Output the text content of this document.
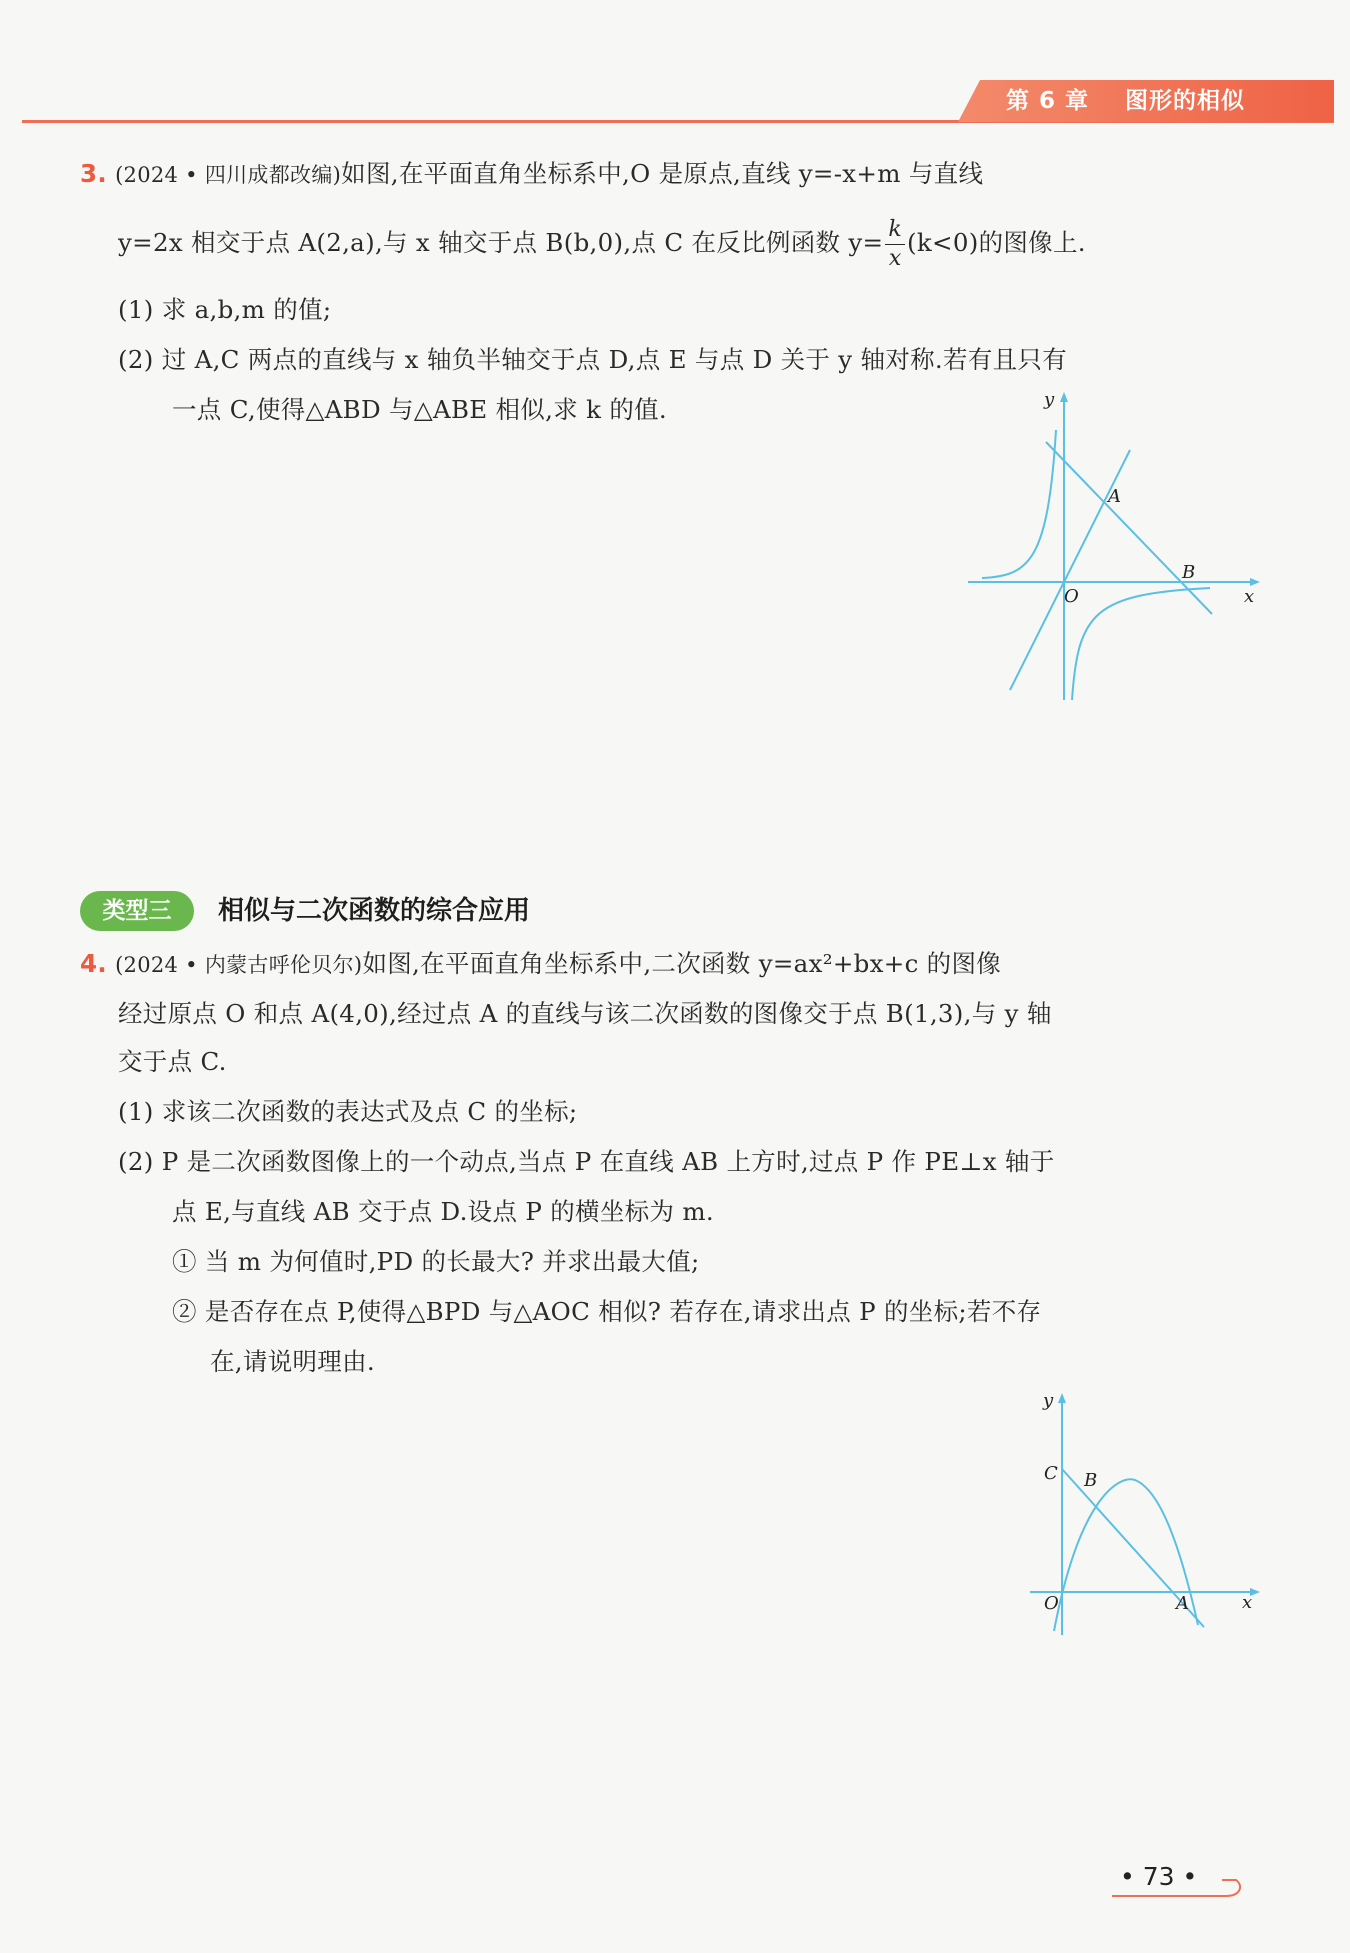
第 6 章    图形的相似
3. (2024 • 四川成都改编)如图,在平面直角坐标系中,O 是原点,直线 y=-x+m 与直线
y=2x 相交于点 A(2,a),与 x 轴交于点 B(b,0),点 C 在反比例函数 $y= \frac{k}{x} (k<0)$的图像上.
(1) 求 a,b,m 的值;
(2) 过 A,C 两点的直线与 x 轴负半轴交于点 D,点 E 与点 D 关于 y 轴对称.若有且只有
一点 C,使得△ABD 与△ABE 相似,求 k 的值.	y
x
A
B
O
类型三	相似与二次函数的综合应用
4. (2024 • 内蒙古呼伦贝尔)如图,在平面直角坐标系中,二次函数 y=ax²+bx+c 的图像
经过原点 O 和点 A(4,0),经过点 A 的直线与该二次函数的图像交于点 B(1,3),与 y 轴
交于点 C.
(1) 求该二次函数的表达式及点 C 的坐标;
(2) P 是二次函数图像上的一个动点,当点 P 在直线 AB 上方时,过点 P 作 PE⊥x 轴于
点 E,与直线 AB 交于点 D.设点 P 的横坐标为 m.
① 当 m 为何值时,PD 的长最大? 并求出最大值;
② 是否存在点 P,使得△BPD 与△AOC 相似? 若存在,请求出点 P 的坐标;若不存
在,请说明理由.
y
x
C B
O	A
• 73 •
